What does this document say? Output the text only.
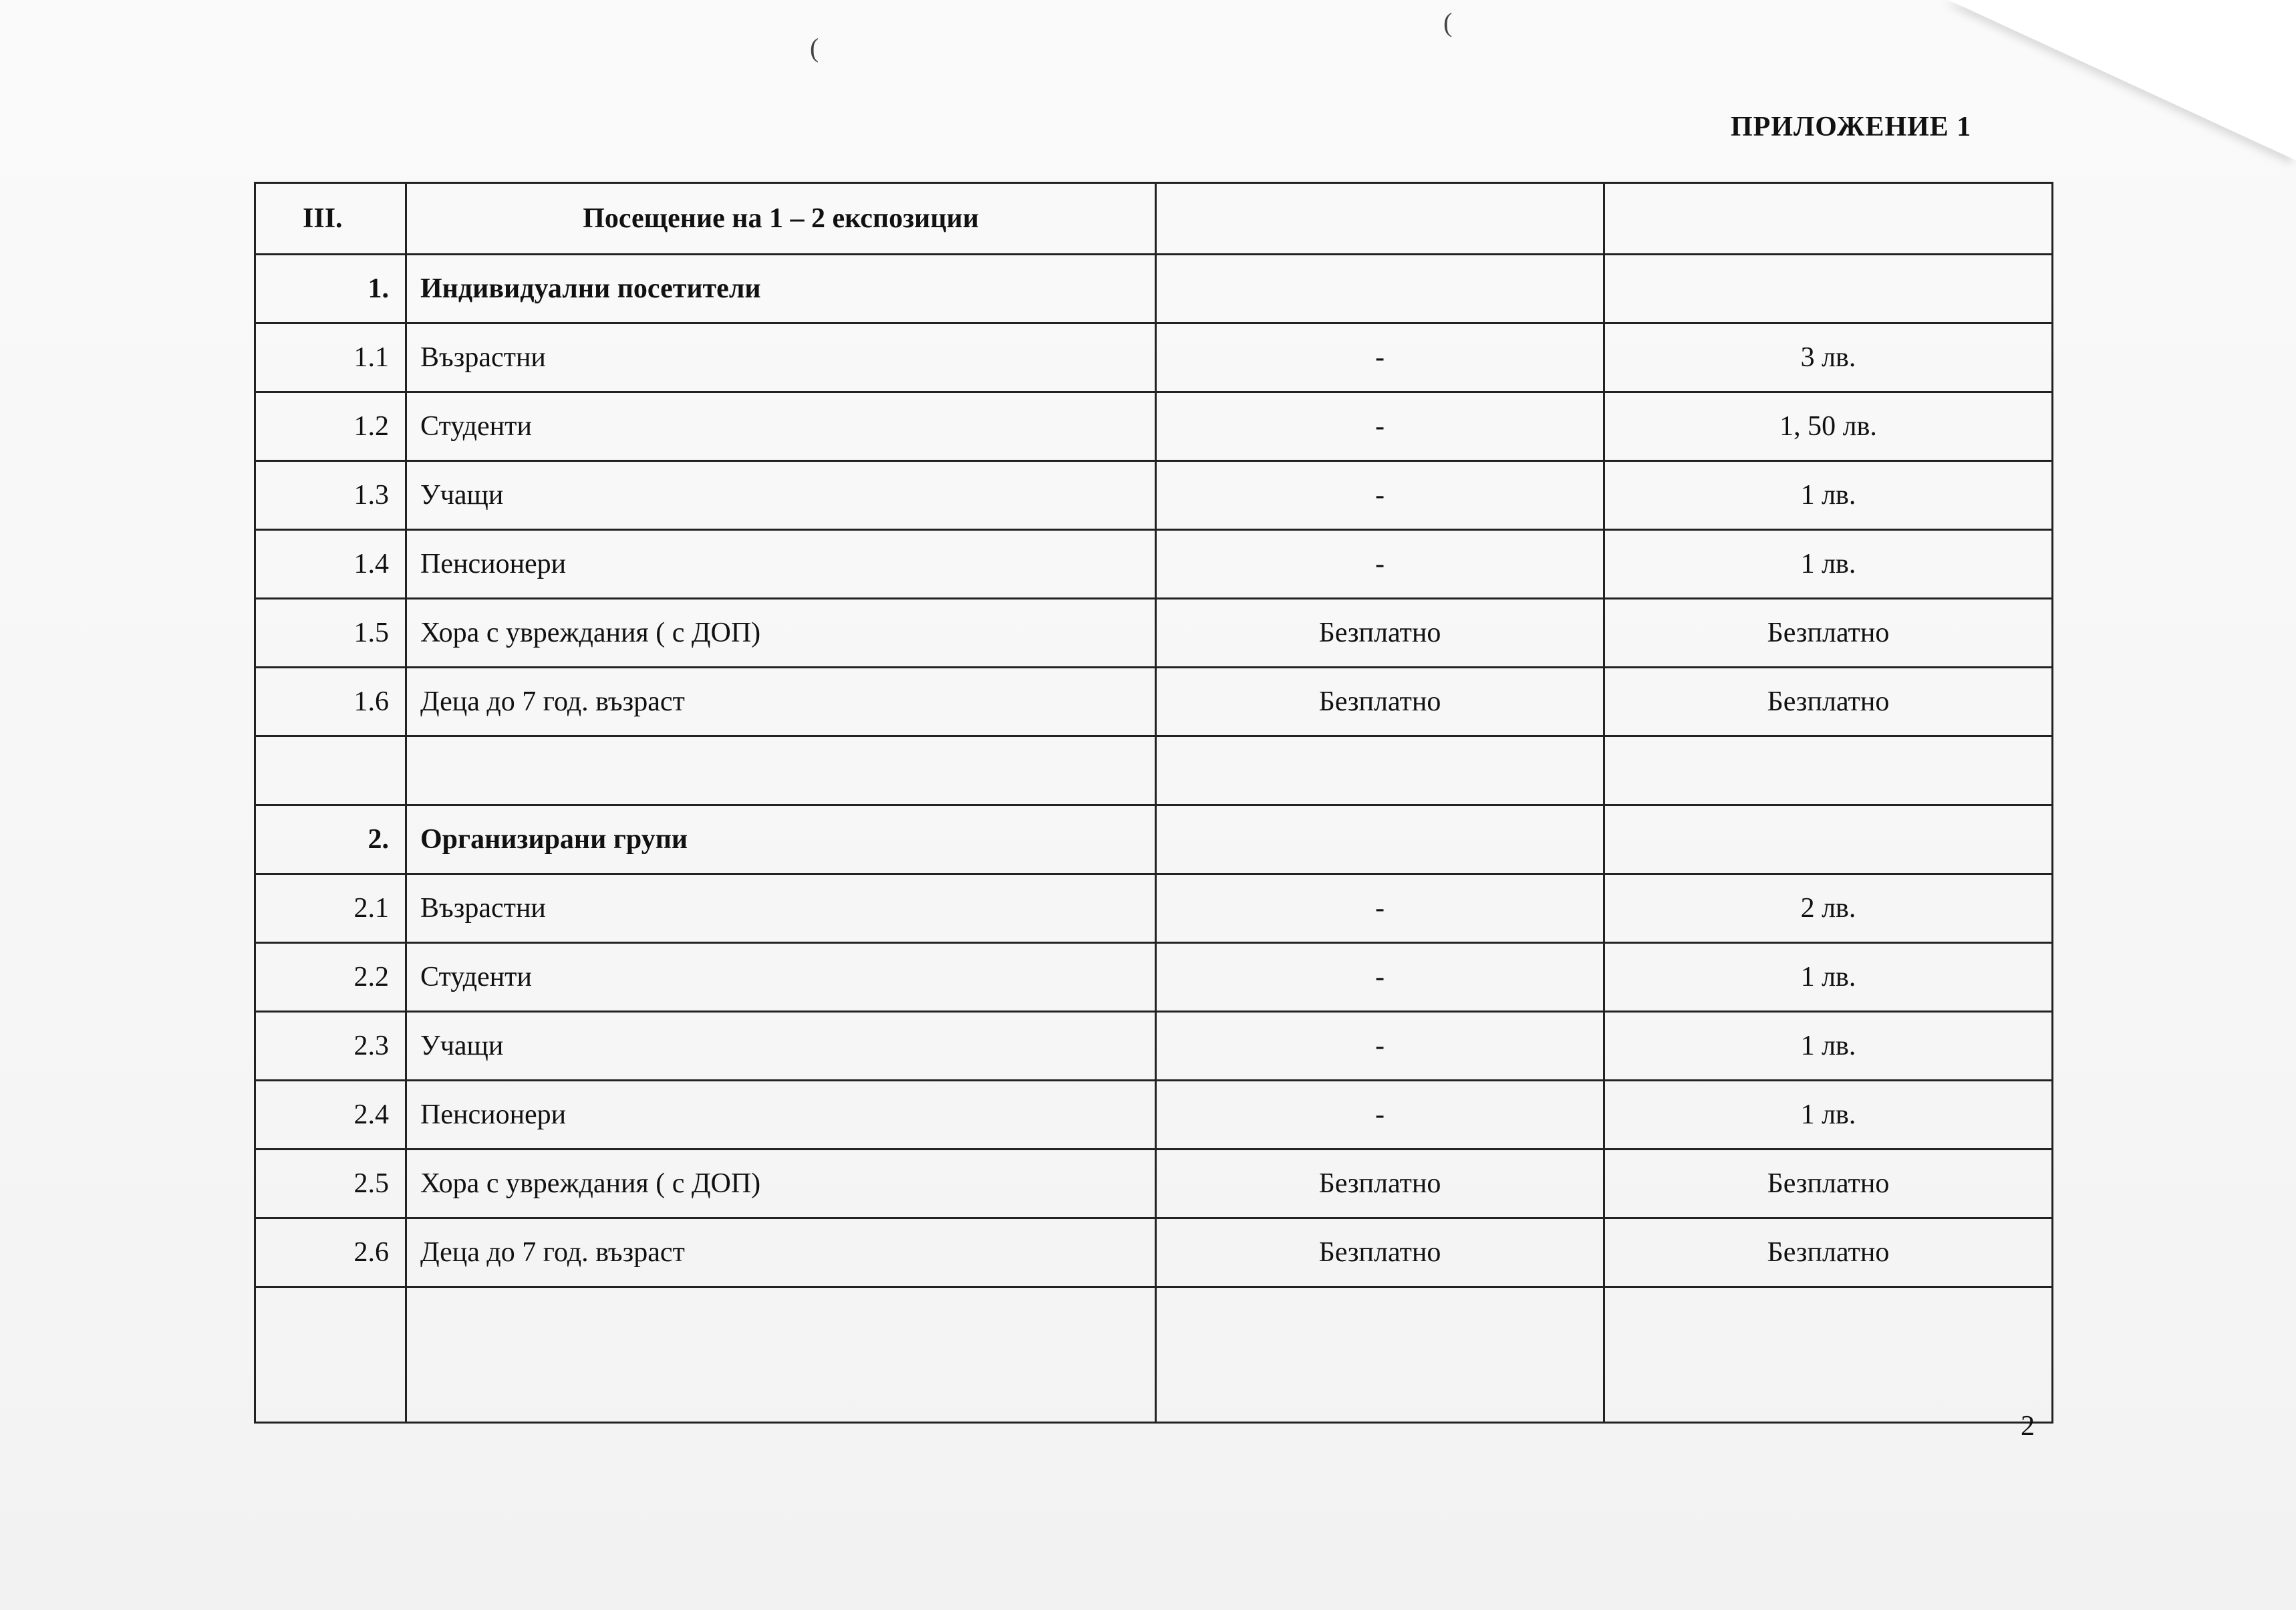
ПРИЛОЖЕНИЕ 1
III.	Посещение на 1 – 2 експозиции		
1.	Индивидуални посетители		
1.1	Възрастни	-	3 лв.
1.2	Студенти	-	1, 50 лв.
1.3	Учащи	-	1 лв.
1.4	Пенсионери	-	1 лв.
1.5	Хора с увреждания ( с ДОП)	Безплатно	Безплатно
1.6	Деца до 7 год. възраст	Безплатно	Безплатно

2.	Организирани групи		
2.1	Възрастни	-	2 лв.
2.2	Студенти	-	1 лв.
2.3	Учащи	-	1 лв.
2.4	Пенсионери	-	1 лв.
2.5	Хора с увреждания ( с ДОП)	Безплатно	Безплатно
2.6	Деца до 7 год. възраст	Безплатно	Безплатно

2
(
(
